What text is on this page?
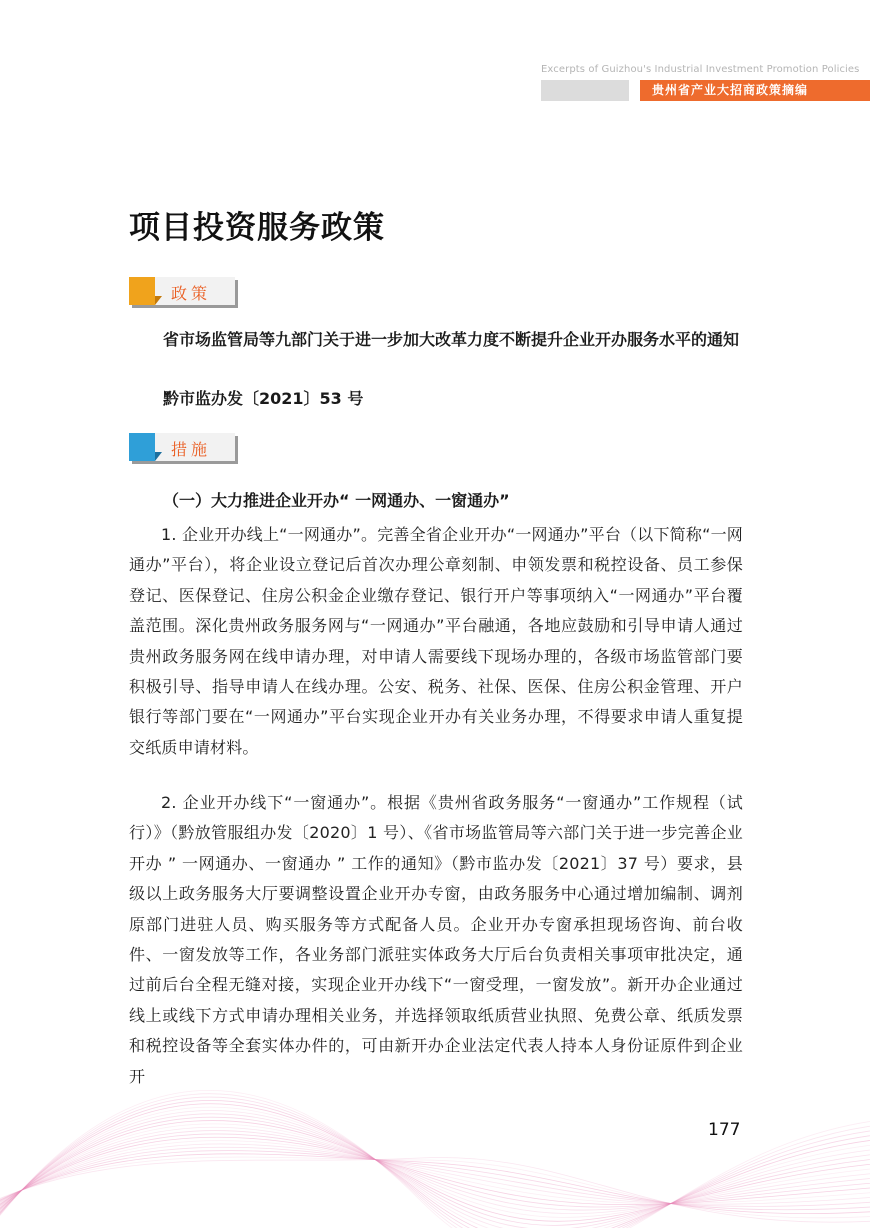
Excerpts of Guizhou's Industrial Investment Promotion Policies
贵州省产业大招商政策摘编
项目投资服务政策
政策
省市场监管局等九部门关于进一步加大改革力度不断提升企业开办服务水平的通知
黔市监办发〔2021〕53 号
措施
（一）大力推进企业开办“ 一网通办、一窗通办”
1. 企业开办线上“一网通办”。完善全省企业开办“一网通办”平台（以下简称“一网通办”平台），将企业设立登记后首次办理公章刻制、申领发票和税控设备、员工参保登记、医保登记、住房公积金企业缴存登记、银行开户等事项纳入“一网通办”平台覆盖范围。深化贵州政务服务网与“一网通办”平台融通，各地应鼓励和引导申请人通过贵州政务服务网在线申请办理，对申请人需要线下现场办理的，各级市场监管部门要积极引导、指导申请人在线办理。公安、税务、社保、医保、住房公积金管理、开户银行等部门要在“一网通办”平台实现企业开办有关业务办理，不得要求申请人重复提交纸质申请材料。
2. 企业开办线下“一窗通办”。根据《贵州省政务服务“一窗通办”工作规程（试行）》（黔放管服组办发〔2020〕1 号）、《省市场监管局等六部门关于进一步完善企业开办 ” 一网通办、一窗通办 ” 工作的通知》（黔市监办发〔2021〕37 号）要求，县级以上政务服务大厅要调整设置企业开办专窗，由政务服务中心通过增加编制、调剂原部门进驻人员、购买服务等方式配备人员。企业开办专窗承担现场咨询、前台收件、一窗发放等工作，各业务部门派驻实体政务大厅后台负责相关事项审批决定，通过前后台全程无缝对接，实现企业开办线下“一窗受理，一窗发放”。新开办企业通过线上或线下方式申请办理相关业务，并选择领取纸质营业执照、免费公章、纸质发票和税控设备等全套实体办件的，可由新开办企业法定代表人持本人身份证原件到企业开
177
